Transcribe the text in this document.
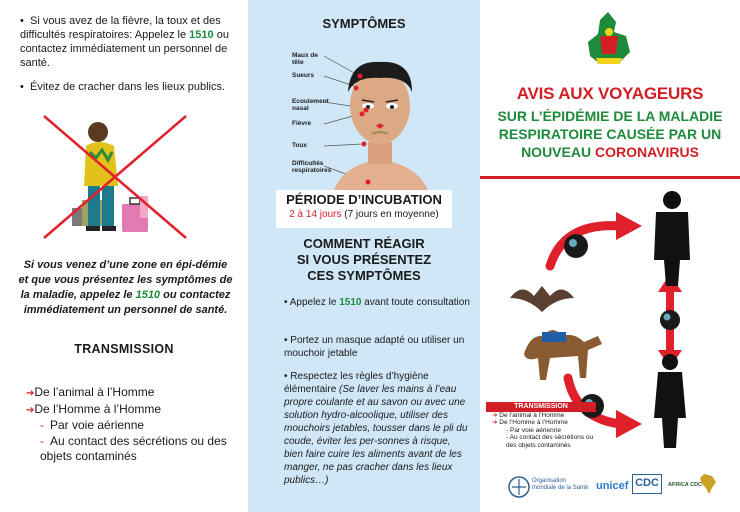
• Si vous avez de la fièvre, la toux et des difficultés respiratoires: Appelez le 1510 ou contactez immédiatement un personnel de santé.
• Évitez de cracher dans les lieux publics.
Si vous venez d’une zone en épi-démie et que vous présentez les symptômes de la maladie, appelez le 1510 ou contactez immédiatement un personnel de santé.
TRANSMISSION
➔De l’animal à l’Homme
➔De l’Homme à l’Homme
- Par voie aérienne
- Au contact des sécrétions ou des objets contaminés
SYMPTÔMES
Maux de tête
Sueurs
Ecoulement nasal
Fièvre
Toux
Difficultés respiratoires
PÉRIODE D’INCUBATION
2 à 14 jours (7 jours en moyenne)
COMMENT RÉAGIR
SI VOUS PRÉSENTEZ
CES SYMPTÔMES
• Appelez le 1510 avant toute consultation
• Portez un masque adapté ou utiliser un mouchoir jetable
• Respectez les règles d’hygiène élémentaire (Se laver les mains à l’eau propre coulante et au savon ou avec une solution hydro-alcoolique, utiliser des mouchoirs jetables, tousser dans le pli du coude, éviter les per-sonnes à risque, bien faire cuire les aliments avant de les manger, ne pas cracher dans les lieux publics…)
AVIS AUX VOYAGEURS
SUR L’ÉPIDÉMIE DE LA MALADIE
RESPIRATOIRE CAUSÉE PAR UN
NOUVEAU CORONAVIRUS
TRANSMISSION
➔ De l’animal à l’Homme
➔ De l’Homme à l’Homme
- Par voie aérienne
- Au contact des sécrétions ou des objets contaminés
Organisation
mondiale de la Santé unicef CDC	AFRICA CDC
